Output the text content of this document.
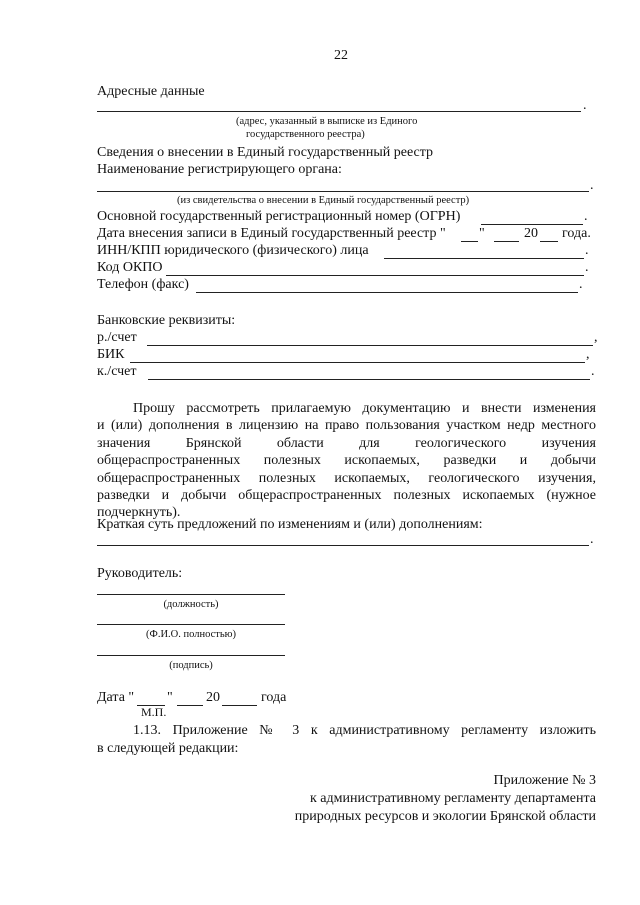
22
Адресные данные
.
(адрес, указанный в выписке из Единого
государственного реестра)
Сведения о внесении в Единый государственный реестр
Наименование регистрирующего органа:
.
(из свидетельства о внесении в Единый государственный реестр)
Основной государственный регистрационный номер (ОГРН)	.
Дата внесения записи в Единый государственный реестр " "	20 года.
ИНН/КПП юридического (физического) лица	.
Код ОКПО	.
Телефон (факс)	.
Банковские реквизиты:
р./счет	,
БИК	,
к./счет	.
Прошу рассмотреть прилагаемую документацию и внести изменения
и (или) дополнения в лицензию на право пользования участком недр местного
значения Брянской области для геологического изучения
общераспространенных полезных ископаемых, разведки и добычи
общераспространенных полезных ископаемых, геологического изучения,
разведки и добычи общераспространенных полезных ископаемых (нужное
подчеркнуть).
Краткая суть предложений по изменениям и (или) дополнениям:
.
Руководитель:
(должность)
(Ф.И.О. полностью)
(подпись)
Дата " " 20	года
М.П.
1.13. Приложение № 3 к административному регламенту изложить
в следующей редакции:
Приложение № 3
к административному регламенту департамента
природных ресурсов и экологии Брянской области
